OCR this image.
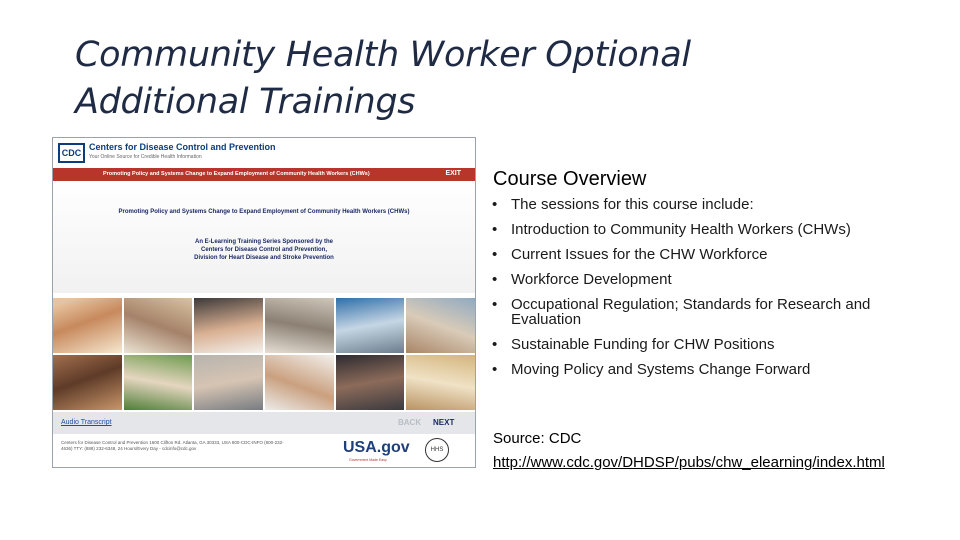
Community Health Worker Optional
Additional Trainings
CDC
Centers for Disease Control and Prevention
Your Online Source for Credible Health Information
Promoting Policy and Systems Change to Expand Employment of Community Health Workers (CHWs)	EXIT
Promoting Policy and Systems Change to Expand Employment of Community Health Workers (CHWs)
An E-Learning Training Series Sponsored by the
Centers for Disease Control and Prevention,
Division for Heart Disease and Stroke Prevention
Audio Transcript	BACK NEXT
Centers for Disease Control and Prevention 1600 Clifton Rd. Atlanta, GA 30333, USA 800-CDC-INFO (800-232-4636) TTY: (888) 232-6348, 24 Hours/Every Day - cdcinfo@cdc.gov	USA.gov
Government Made Easy
HHS
Course Overview
• The sessions for this course include:
• Introduction to Community Health Workers (CHWs)
• Current Issues for the CHW Workforce
• Workforce Development
• Occupational Regulation; Standards for Research and Evaluation
• Sustainable Funding for CHW Positions
• Moving Policy and Systems Change Forward
Source: CDC
http://www.cdc.gov/DHDSP/pubs/chw_elearning/index.html
